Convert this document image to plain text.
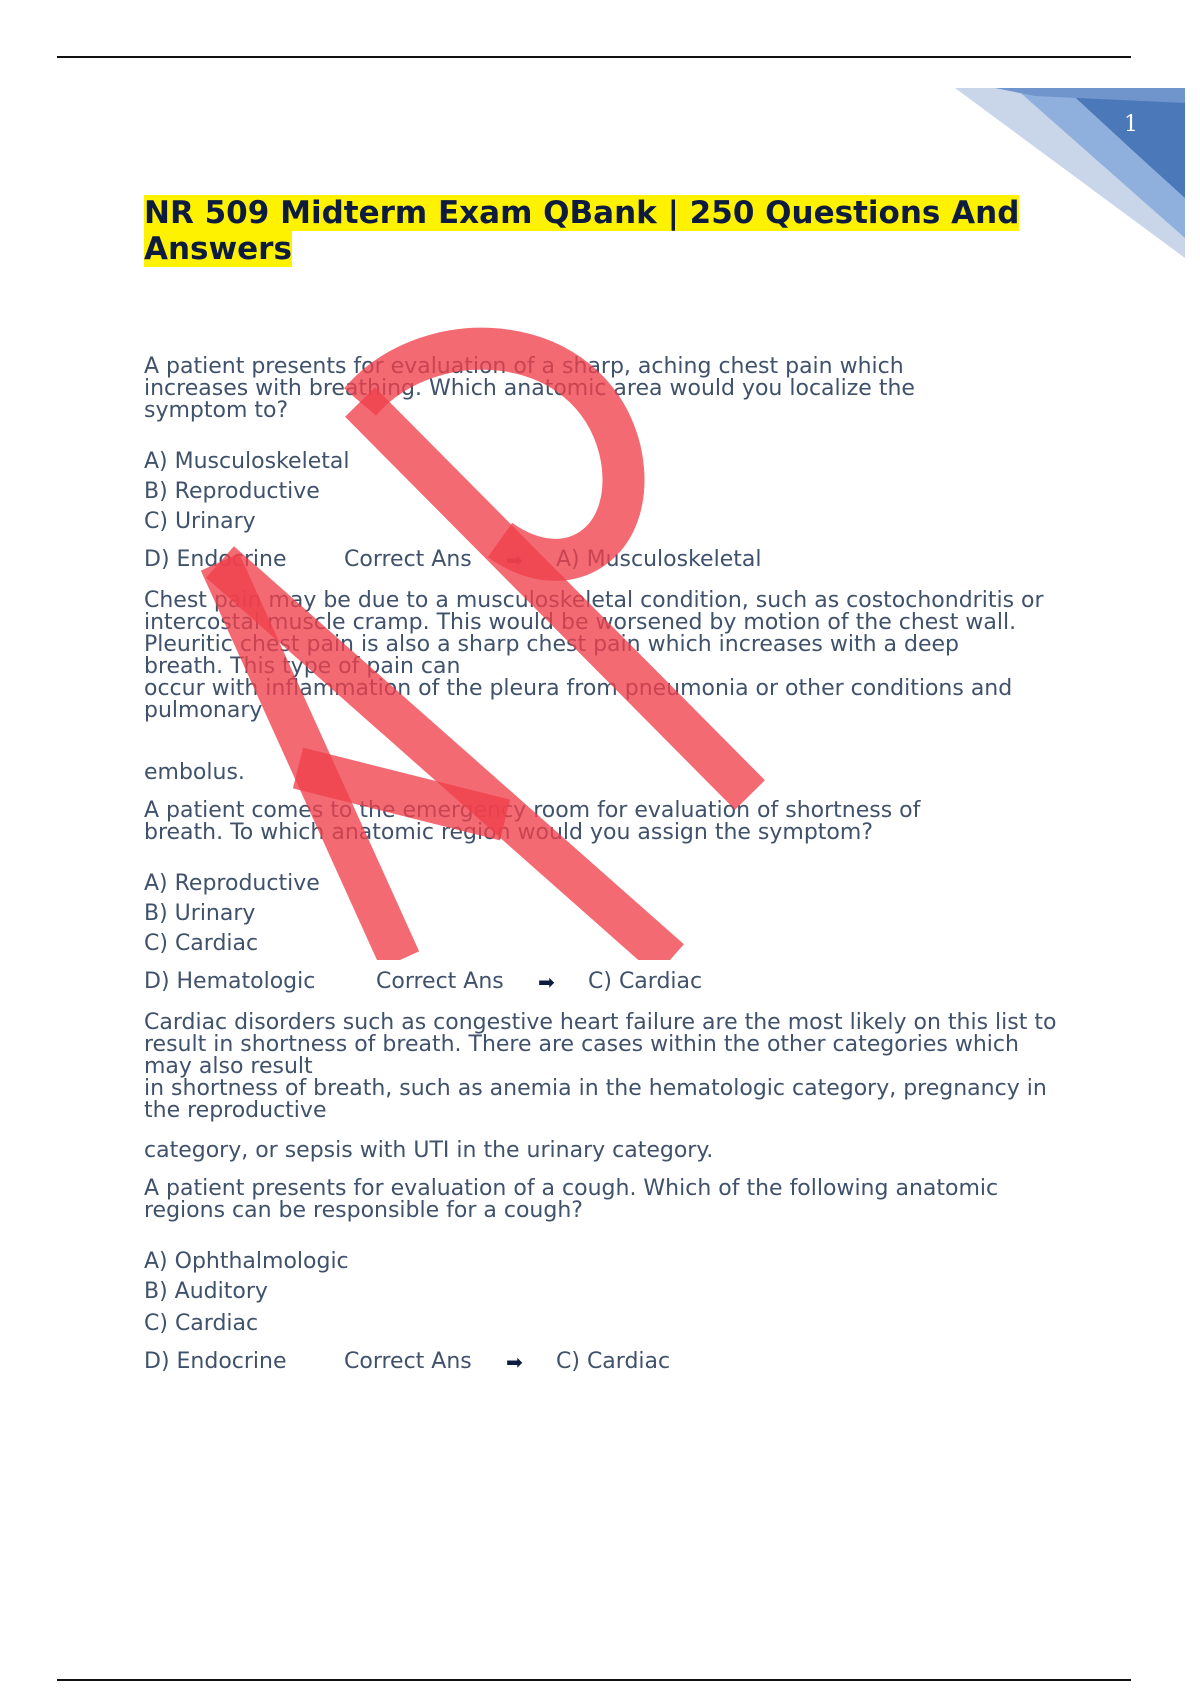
1
NR 509 Midterm Exam QBank | 250 Questions And Answers

A patient presents for evaluation of a sharp, aching chest pain which increases with breathing. Which anatomic area would you localize the symptom to?

A) Musculoskeletal

B) Reproductive

C) Urinary

D) Endocrine	Correct Ans ➡ A) Musculoskeletal

Chest pain may be due to a musculoskeletal condition, such as costochondritis or
intercostal muscle cramp. This would be worsened by motion of the chest wall. Pleuritic chest pain is also a sharp chest pain which increases with a deep breath. This type of pain can
occur with inflammation of the pleura from pneumonia or other conditions and pulmonary

embolus.

A patient comes to the emergency room for evaluation of shortness of breath. To which anatomic region would you assign the symptom?

A) Reproductive

B) Urinary

C) Cardiac

D) Hematologic	Correct Ans ➡ C) Cardiac

Cardiac disorders such as congestive heart failure are the most likely on this list to result in shortness of breath. There are cases within the other categories which may also result
in shortness of breath, such as anemia in the hematologic category, pregnancy in the reproductive

category, or sepsis with UTI in the urinary category.

A patient presents for evaluation of a cough. Which of the following anatomic regions can be responsible for a cough?

A) Ophthalmologic

B) Auditory

C) Cardiac

D) Endocrine	Correct Ans ➡ C) Cardiac
